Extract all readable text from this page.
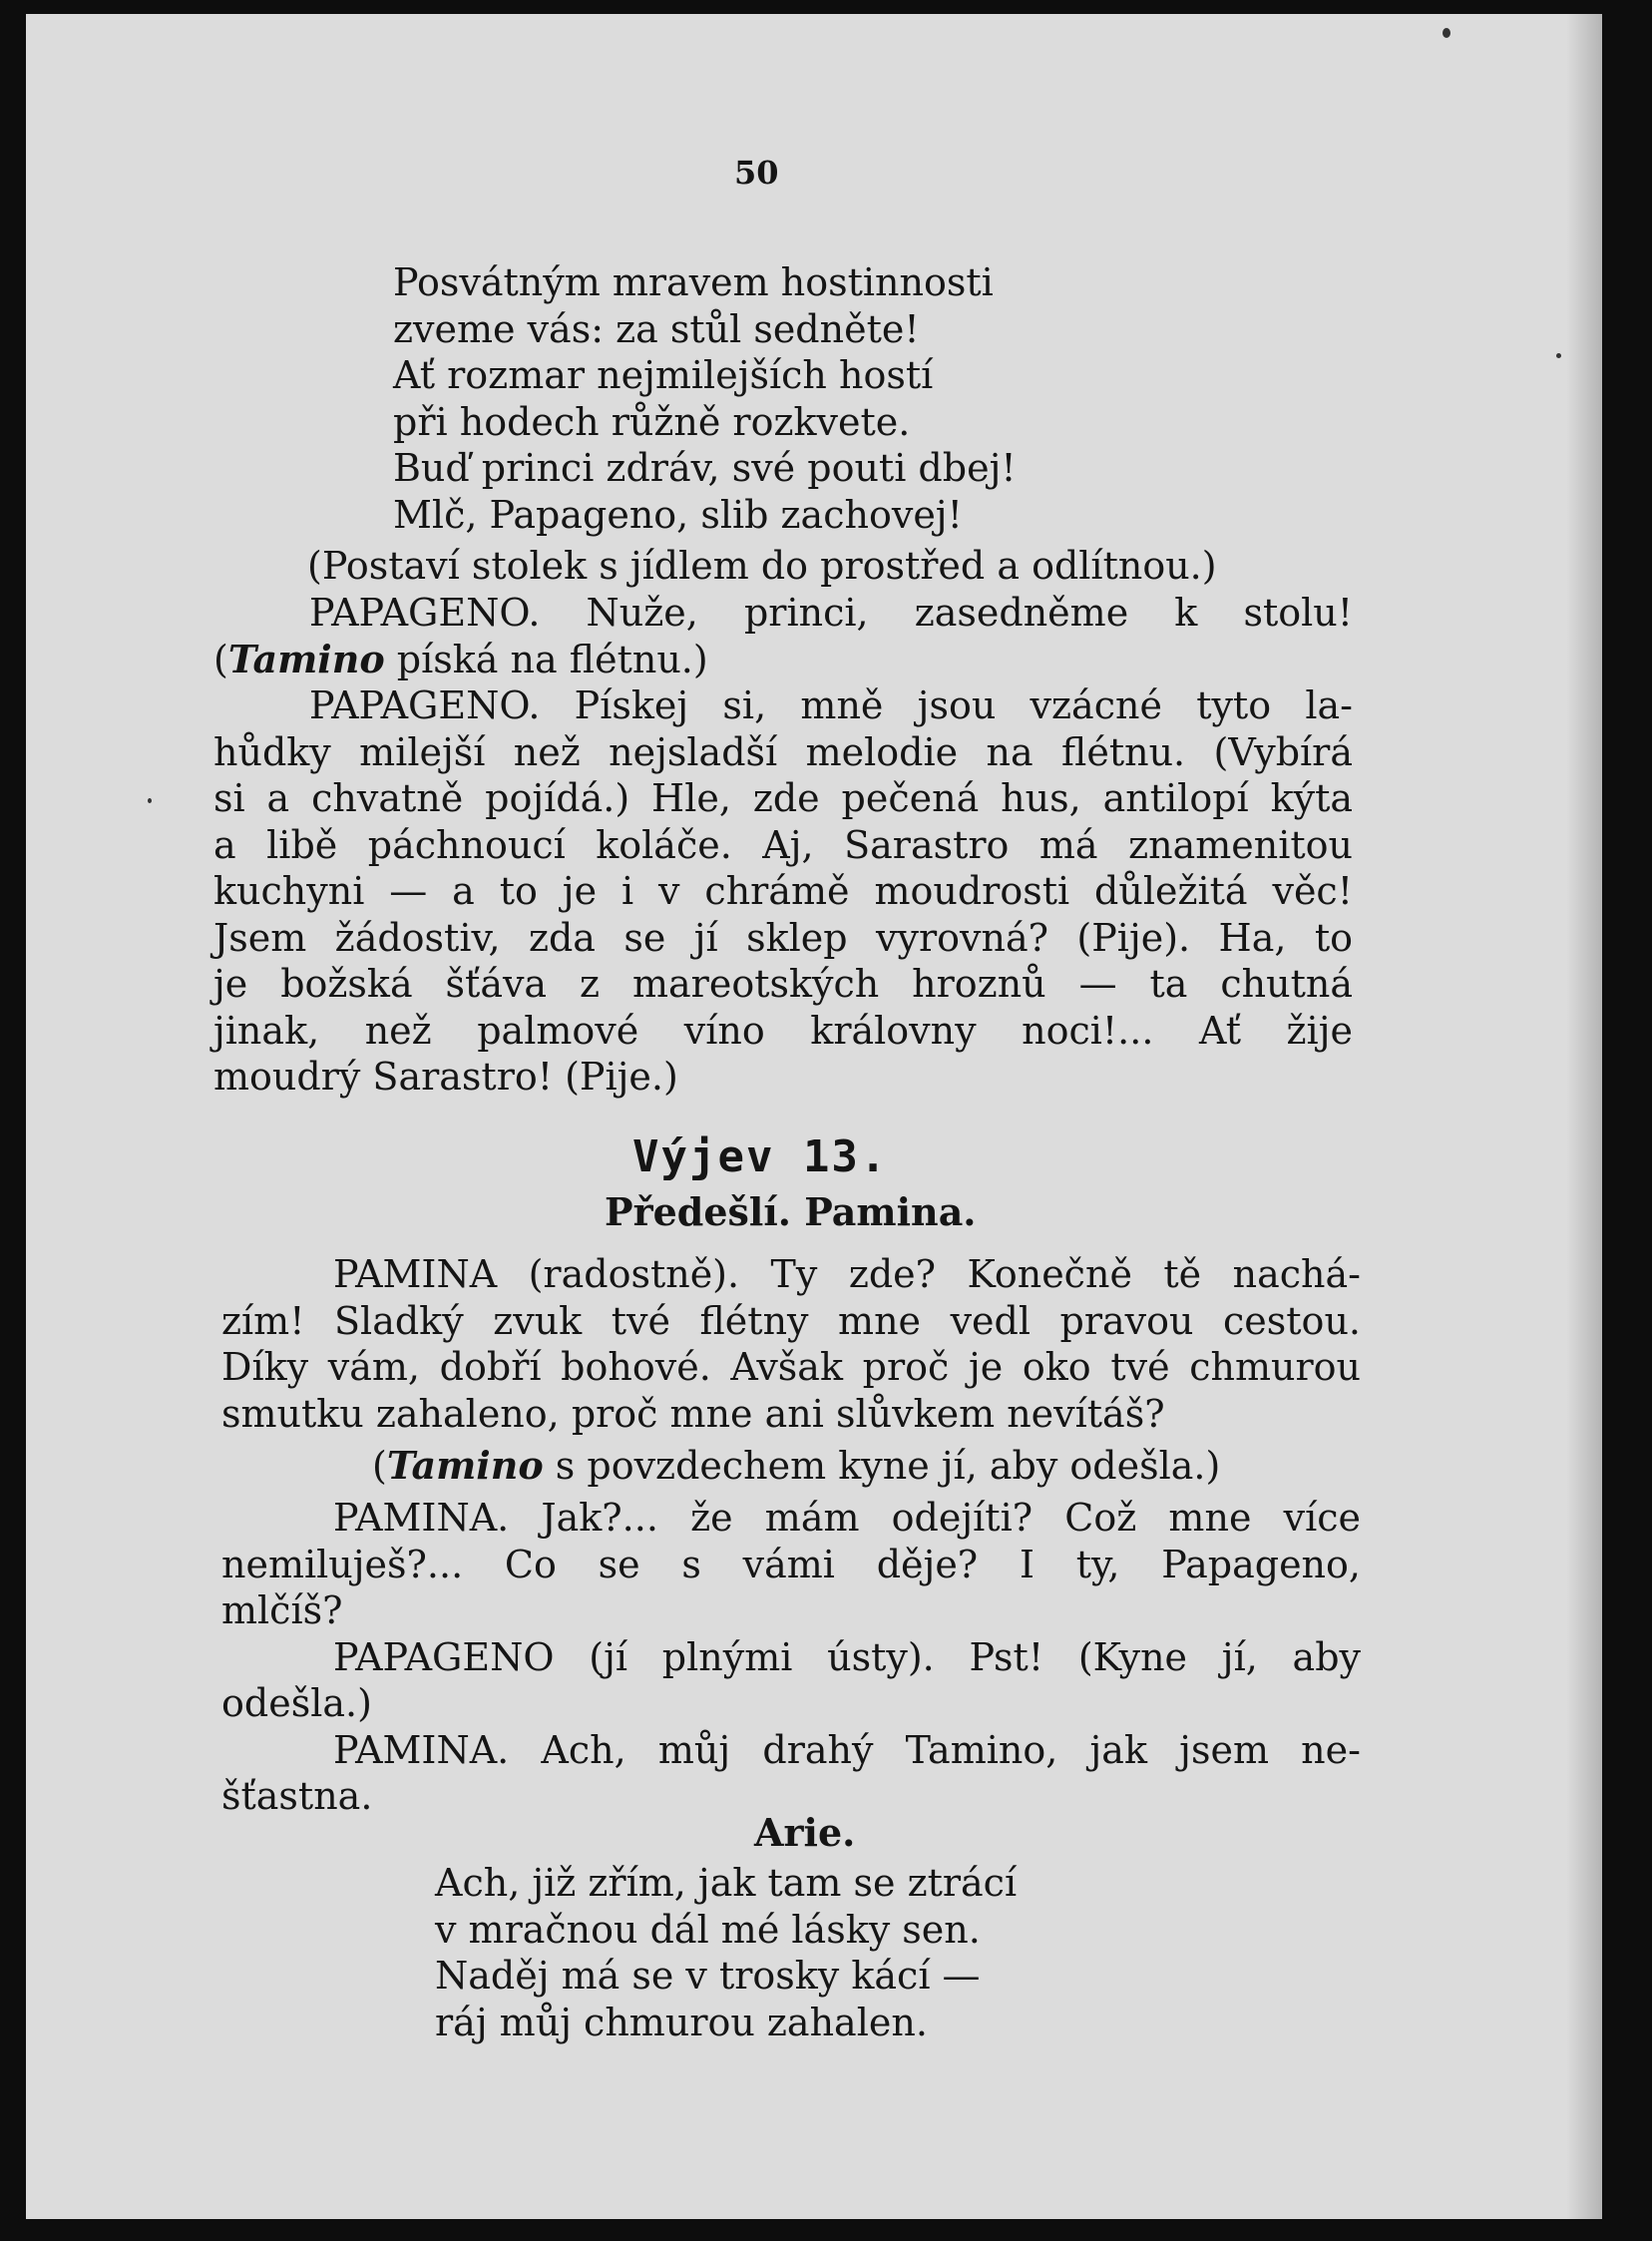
50
Posvátným mravem hostinnosti
zveme vás: za stůl sedněte!
Ať rozmar nejmilejších hostí
při hodech růžně rozkvete.
Buď princi zdráv, své pouti dbej!
Mlč, Papageno, slib zachovej!
(Postaví stolek s jídlem do prostřed a odlítnou.)
PAPAGENO. Nuže, princi, zasedněme k stolu!
(Tamino píská na flétnu.)
PAPAGENO. Pískej si, mně jsou vzácné tyto la-
hůdky milejší než nejsladší melodie na flétnu. (Vybírá
si a chvatně pojídá.) Hle, zde pečená hus, antilopí kýta
a libě páchnoucí koláče. Aj, Sarastro má znamenitou
kuchyni — a to je i v chrámě moudrosti důležitá věc!
Jsem žádostiv, zda se jí sklep vyrovná? (Pije). Ha, to
je božská šťáva z mareotských hroznů — ta chutná
jinak, než palmové víno královny noci!... Ať žije
moudrý Sarastro! (Pije.)
Výjev 13.
Předešlí. Pamina.
PAMINA (radostně). Ty zde? Konečně tě nachá-
zím! Sladký zvuk tvé flétny mne vedl pravou cestou.
Díky vám, dobří bohové. Avšak proč je oko tvé chmurou
smutku zahaleno, proč mne ani slůvkem nevítáš?
(Tamino s povzdechem kyne jí, aby odešla.)
PAMINA. Jak?... že mám odejíti? Což mne více
nemiluješ?... Co se s vámi děje? I ty, Papageno,
mlčíš?
PAPAGENO (jí plnými ústy). Pst! (Kyne jí, aby
odešla.)
PAMINA. Ach, můj drahý Tamino, jak jsem ne-
šťastna.
Arie.
Ach, již zřím, jak tam se ztrácí
v mračnou dál mé lásky sen.
Naděj má se v trosky kácí —
ráj můj chmurou zahalen.
